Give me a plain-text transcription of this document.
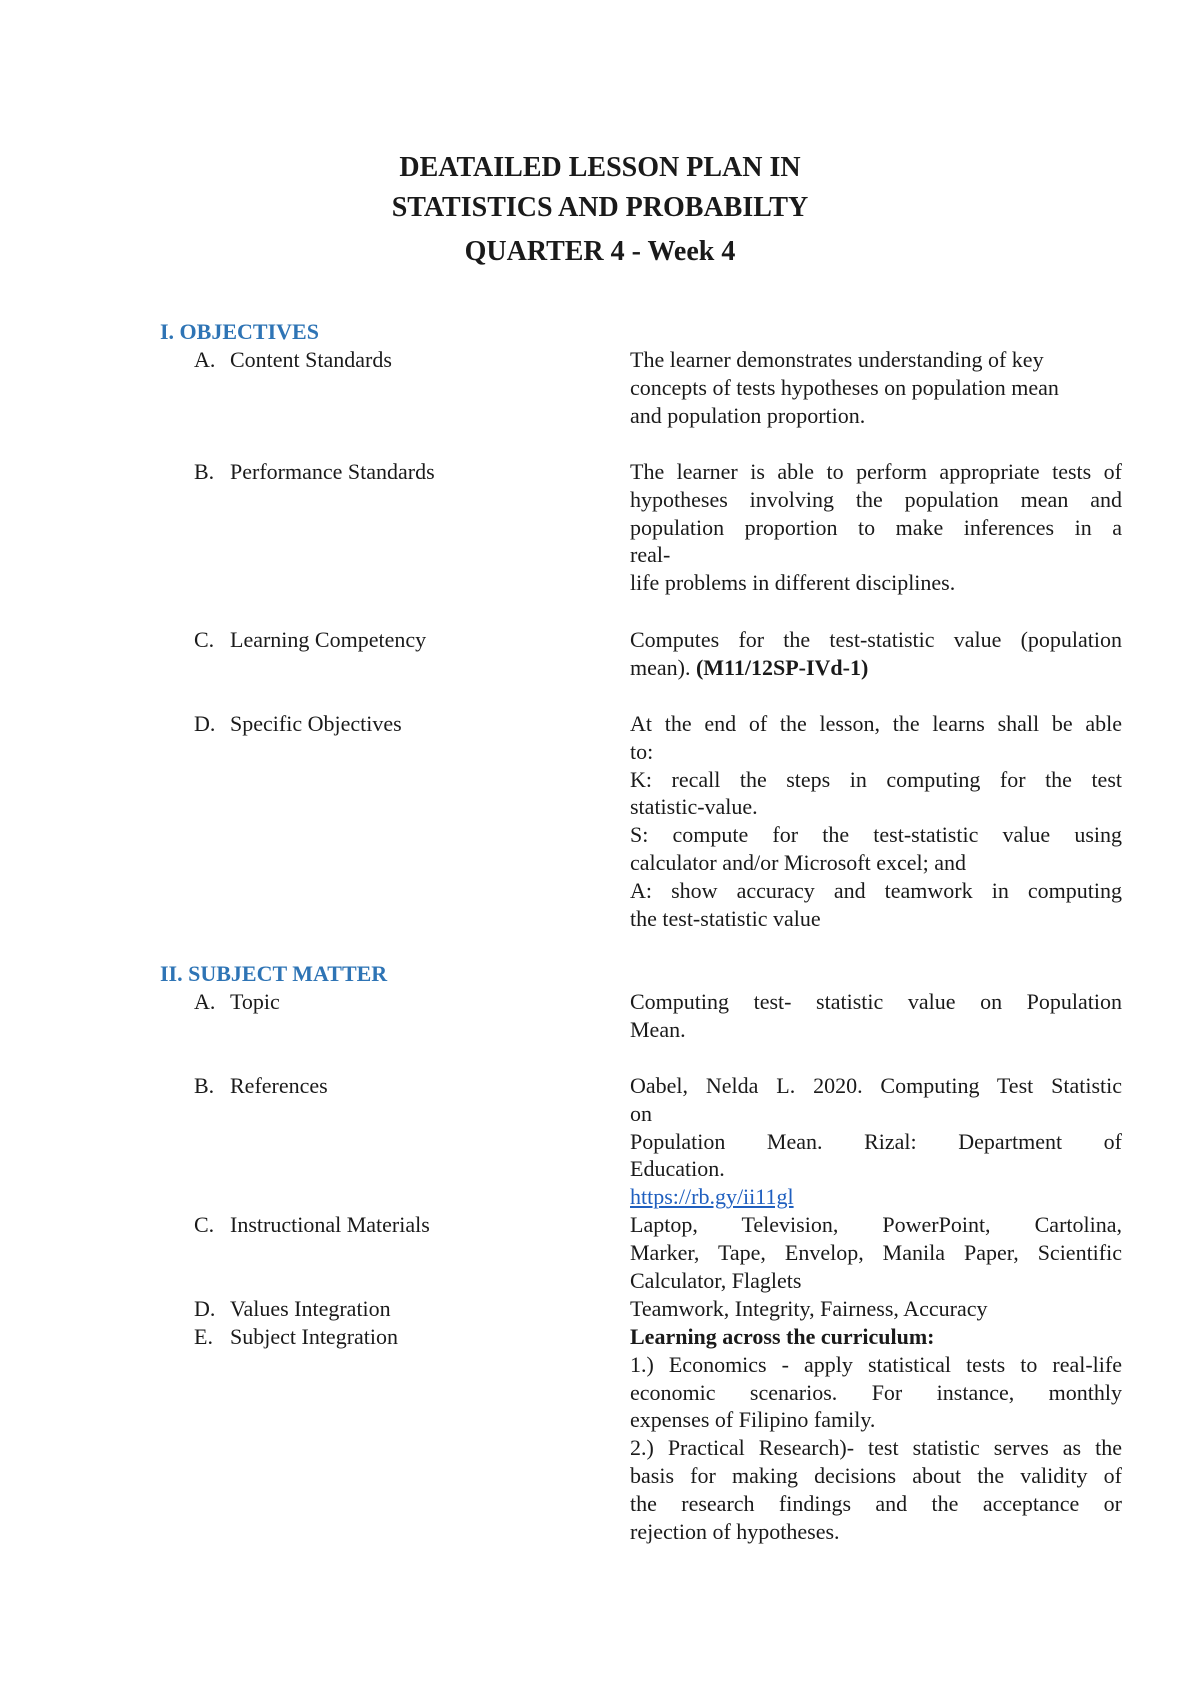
DEATAILED LESSON PLAN IN
STATISTICS AND PROBABILTY
QUARTER 4 - Week 4
I. OBJECTIVES
A. Content Standards	The learner demonstrates understanding of key
concepts of tests hypotheses on population mean
and population proportion.
B. Performance Standards	The learner is able to perform appropriate tests of
hypotheses involving the population mean and
population proportion to make inferences in a
real-
life problems in different disciplines.
C. Learning Competency	Computes for the test-statistic value (population
mean). (M11/12SP-IVd-1)
D. Specific Objectives	At the end of the lesson, the learns shall be able
to:
K: recall the steps in computing for the test
statistic-value.
S: compute for the test-statistic value using
calculator and/or Microsoft excel; and
A: show accuracy and teamwork in computing
the test-statistic value
II. SUBJECT MATTER
A. Topic	Computing test- statistic value on Population
Mean.
B. References	Oabel, Nelda L. 2020. Computing Test Statistic
on
Population Mean. Rizal: Department of
Education.
https://rb.gy/ii11gl
C. Instructional Materials	Laptop, Television, PowerPoint, Cartolina,
Marker, Tape, Envelop, Manila Paper, Scientific
Calculator, Flaglets
D. Values Integration	Teamwork, Integrity, Fairness, Accuracy
E. Subject Integration	Learning across the curriculum:
1.) Economics - apply statistical tests to real-life
economic scenarios. For instance, monthly
expenses of Filipino family.
2.) Practical Research)- test statistic serves as the
basis for making decisions about the validity of
the research findings and the acceptance or
rejection of hypotheses.
